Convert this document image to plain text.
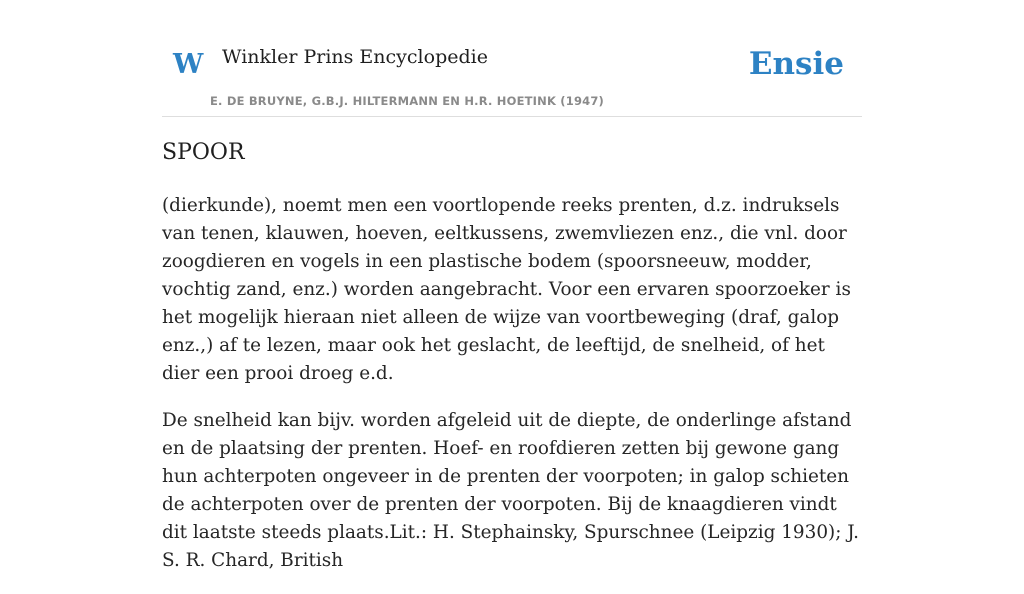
W Winkler Prins Encyclopedie
E. DE BRUYNE, G.B.J. HILTERMANN EN H.R. HOETINK (1947)
Ensie
SPOOR

(dierkunde), noemt men een voortlopende reeks prenten, d.z. indruksels van tenen, klauwen, hoeven, eeltkussens, zwemvliezen enz., die vnl. door zoogdieren en vogels in een plastische bodem (spoorsneeuw, modder, vochtig zand, enz.) worden aangebracht. Voor een ervaren spoorzoeker is het mogelijk hieraan niet alleen de wijze van voortbeweging (draf, galop enz.,) af te lezen, maar ook het geslacht, de leeftijd, de snelheid, of het dier een prooi droeg e.d.

De snelheid kan bijv. worden afgeleid uit de diepte, de onderlinge afstand en de plaatsing der prenten. Hoef- en roofdieren zetten bij gewone gang hun achterpoten ongeveer in de prenten der voorpoten; in galop schieten de achterpoten over de prenten der voorpoten. Bij de knaagdieren vindt dit laatste steeds plaats.Lit.: H. Stephainsky, Spurschnee (Leipzig 1930); J. S. R. Chard, British
